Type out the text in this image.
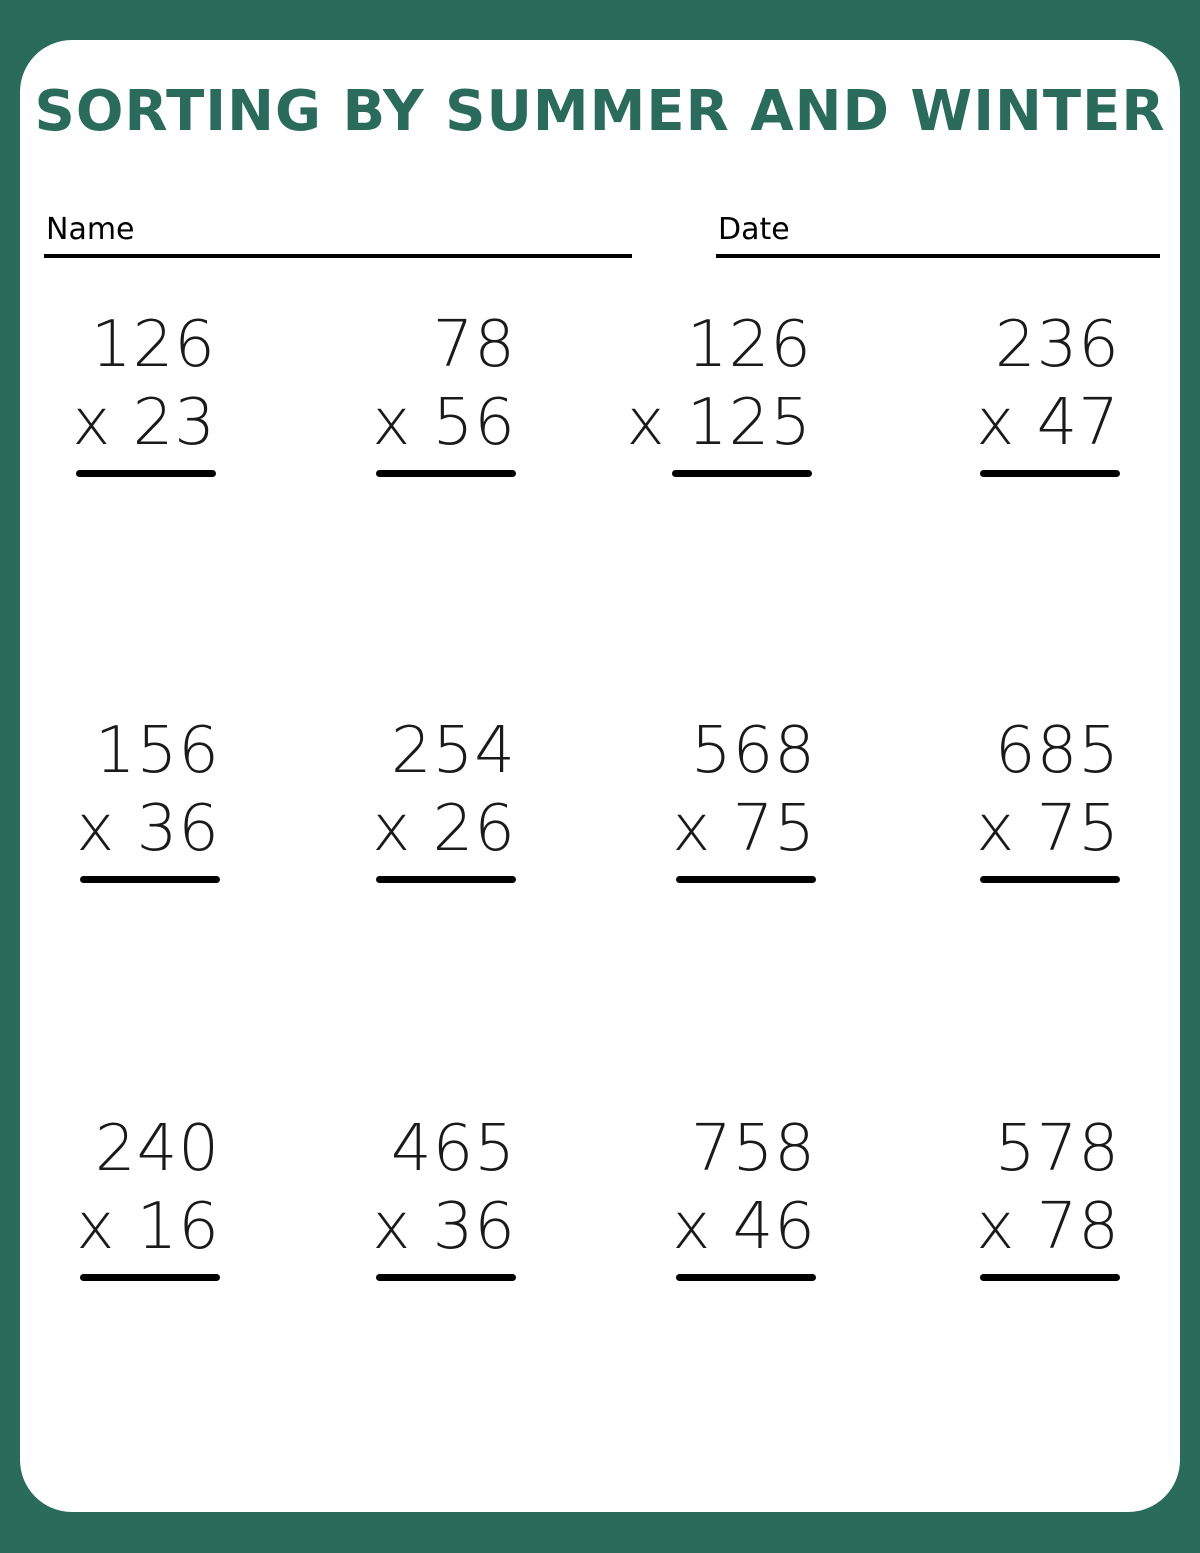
SORTING BY SUMMER AND WINTER
Name	Date
126
x 23
78
x 56
126
x 125
236
x 47
156
x 36
254
x 26
568
x 75
685
x 75
240
x 16
465
x 36
758
x 46
578
x 78
